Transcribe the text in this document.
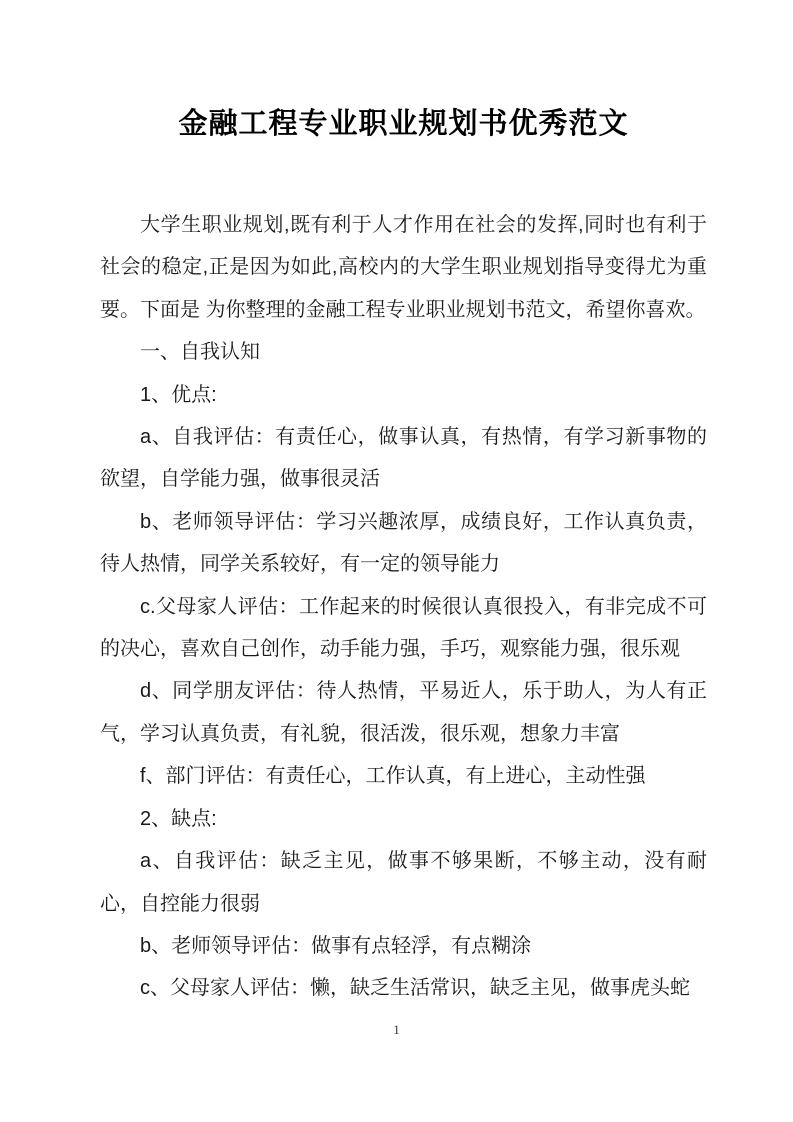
金融工程专业职业规划书优秀范文

大学生职业规划,既有利于人才作用在社会的发挥,同时也有利于社会的稳定,正是因为如此,高校内的大学生职业规划指导变得尤为重要。下面是 为你整理的金融工程专业职业规划书范文，希望你喜欢。

一、自我认知

1、优点:

a、自我评估：有责任心，做事认真，有热情，有学习新事物的欲望，自学能力强，做事很灵活

b、老师领导评估：学习兴趣浓厚，成绩良好，工作认真负责，待人热情，同学关系较好，有一定的领导能力

c.父母家人评估：工作起来的时候很认真很投入，有非完成不可的决心，喜欢自己创作，动手能力强，手巧，观察能力强，很乐观

d、同学朋友评估：待人热情，平易近人，乐于助人，为人有正气，学习认真负责，有礼貌，很活泼，很乐观，想象力丰富

f、部门评估：有责任心，工作认真，有上进心，主动性强

2、缺点:

a、自我评估：缺乏主见，做事不够果断，不够主动，没有耐心，自控能力很弱

b、老师领导评估：做事有点轻浮，有点糊涂

c、父母家人评估：懒，缺乏生活常识，缺乏主见，做事虎头蛇

1
